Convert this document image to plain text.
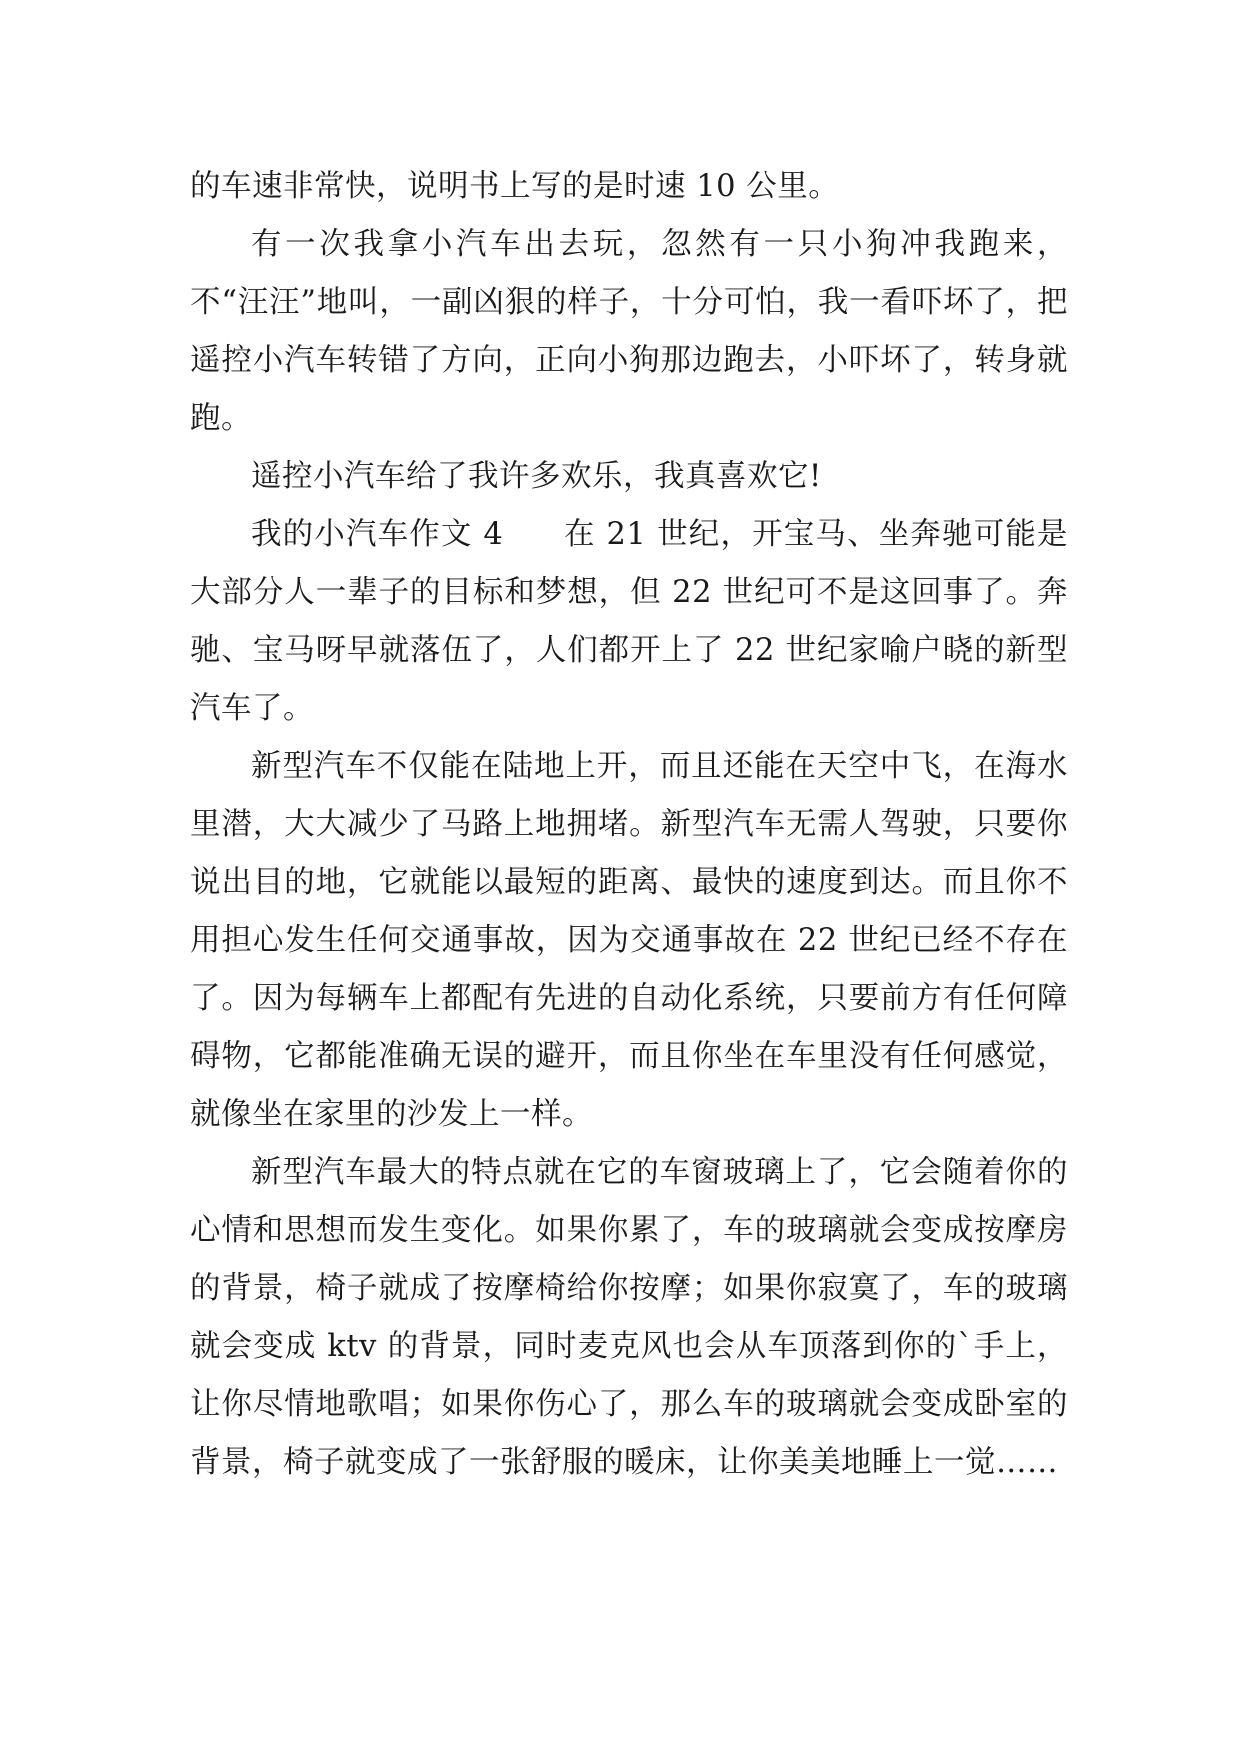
的车速非常快，说明书上写的是时速 10 公里。

有一次我拿小汽车出去玩，忽然有一只小狗冲我跑来，不“汪汪”地叫，一副凶狠的样子，十分可怕，我一看吓坏了，把遥控小汽车转错了方向，正向小狗那边跑去，小吓坏了，转身就跑。

遥控小汽车给了我许多欢乐，我真喜欢它!

我的小汽车作文 4 在 21 世纪，开宝马、坐奔驰可能是大部分人一辈子的目标和梦想，但 22 世纪可不是这回事了。奔驰、宝马呀早就落伍了，人们都开上了 22 世纪家喻户晓的新型汽车了。

新型汽车不仅能在陆地上开，而且还能在天空中飞，在海水里潜，大大减少了马路上地拥堵。新型汽车无需人驾驶，只要你说出目的地，它就能以最短的距离、最快的速度到达。而且你不用担心发生任何交通事故，因为交通事故在 22 世纪已经不存在了。因为每辆车上都配有先进的自动化系统，只要前方有任何障碍物，它都能准确无误的避开，而且你坐在车里没有任何感觉，就像坐在家里的沙发上一样。

新型汽车最大的特点就在它的车窗玻璃上了，它会随着你的心情和思想而发生变化。如果你累了，车的玻璃就会变成按摩房的背景，椅子就成了按摩椅给你按摩；如果你寂寞了，车的玻璃就会变成 ktv 的背景，同时麦克风也会从车顶落到你的`手上，让你尽情地歌唱；如果你伤心了，那么车的玻璃就会变成卧室的背景，椅子就变成了一张舒服的暖床，让你美美地睡上一觉……
